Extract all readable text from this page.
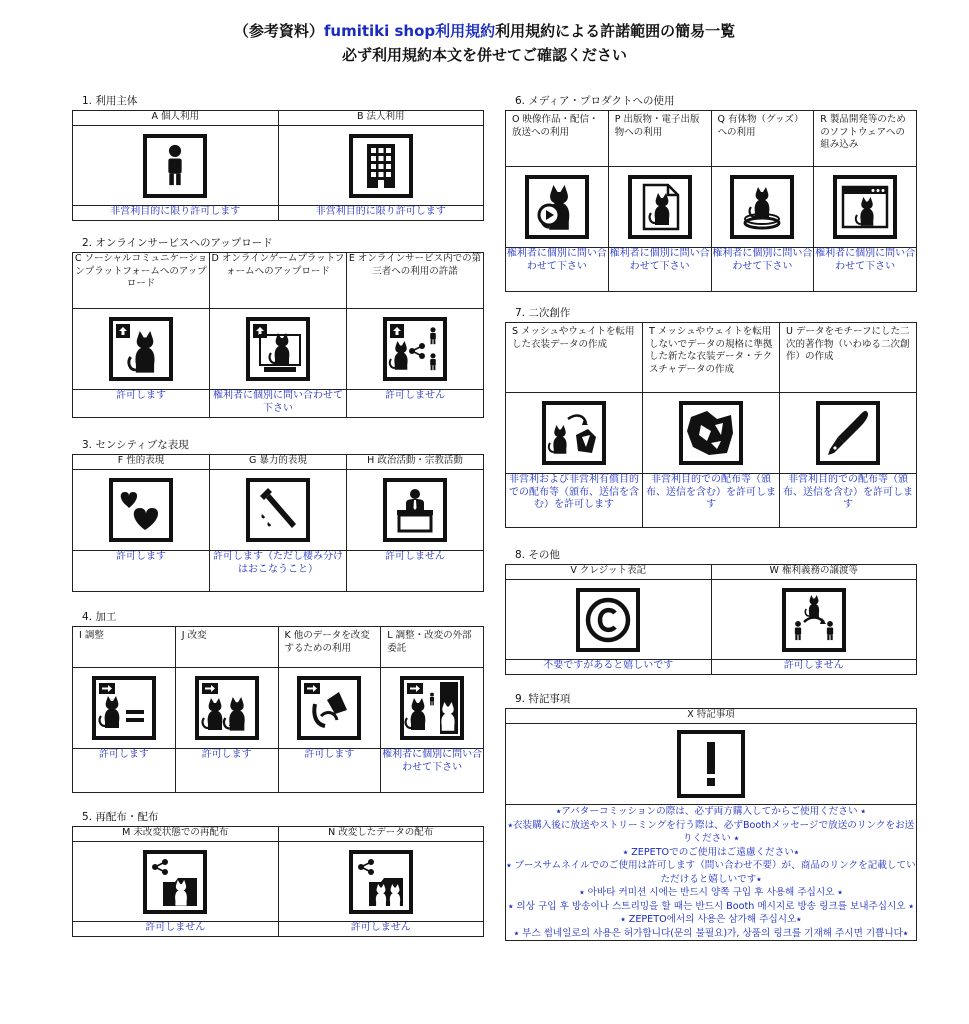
（参考資料）fumitiki shop利用規約利用規約による許諾範囲の簡易一覧
必ず利用規約本文を併せてご確認ください
1. 利用主体
A 個人利用	B 法人利用

非営利目的に限り許可します	非営利目的に限り許可します
2. オンラインサービスへのアップロード
C ソーシャルコミュニケーションプラットフォームへのアップロード	D オンラインゲームプラットフォームへのアップロード	E オンラインサービス内での第三者への利用の許諾

許可します	権利者に個別に問い合わせて下さい	許可しません
3. センシティブな表現
F 性的表現	G 暴力的表現	H 政治活動・宗教活動

許可します	許可します（ただし棲み分けはおこなうこと）	許可しません
4. 加工
I 調整	J 改変	K 他のデータを改変するための利用	L 調整・改変の外部委託

許可します	許可します	許可します	権利者に個別に問い合わせて下さい
5. 再配布・配布
M 未改変状態での再配布	N 改変したデータの配布

許可しません	許可しません
6. メディア・プロダクトへの使用
O 映像作品・配信・放送への利用	P 出版物・電子出版物への利用	Q 有体物（グッズ）への利用	R 製品開発等のためのソフトウェアへの組み込み

権利者に個別に問い合わせて下さい	権利者に個別に問い合わせて下さい	権利者に個別に問い合わせて下さい	権利者に個別に問い合わせて下さい
7. 二次創作
S メッシュやウェイトを転用した衣装データの作成	T メッシュやウェイトを転用しないでデータの規格に準拠した新たな衣装データ・テクスチャデータの作成	U データをモチーフにした二次的著作物（いわゆる二次創作）の作成

非営利および非営利有償目的での配布等（頒布、送信を含む）を許可します	非営利目的での配布等（頒布、送信を含む）を許可します	非営利目的での配布等（頒布、送信を含む）を許可します
8. その他
V クレジット表記	W 権利義務の譲渡等

不要ですがあると嬉しいです	許可しません
9. 特記事項
X 特記事項

⭑アバターコミッションの際は、必ず両方購入してからご使用ください ⭑
⭑衣装購入後に放送やストリーミングを行う際は、必ずBoothメッセージで放送のリンクをお送りください ⭑
⭑ ZEPETOでのご使用はご遠慮ください⭑
⭑ ブースサムネイルでのご使用は許可します（問い合わせ不要）が、商品のリンクを記載していただけると嬉しいです⭑
⭑ 아바타 커미션 시에는 반드시 양쪽 구입 후 사용해 주십시오 ⭑
⭑ 의상 구입 후 방송이나 스트리밍을 할 때는 반드시 Booth 메시지로 방송 링크를 보내주십시오 ⭑
⭑ ZEPETO에서의 사용은 삼가해 주십시오⭑
⭑ 부스 썸네일로의 사용은 허가합니다(문의 불필요)가, 상품의 링크를 기재해 주시면 기쁩니다⭑
